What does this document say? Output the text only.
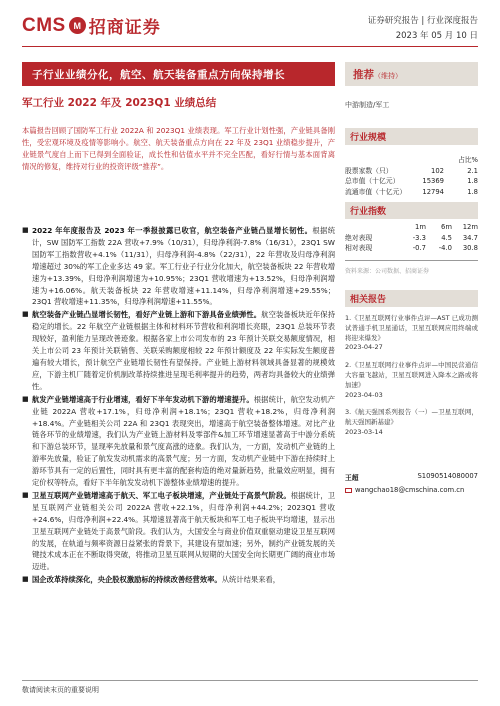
CMS M 招商证券	证券研究报告 | 行业深度报告
2023 年 05 月 10 日
子行业业绩分化，航空、航天装备重点方向保持增长
军工行业 2022 年及 2023Q1 业绩总结
推荐（维持）
中游制造/军工
本篇报告回顾了国防军工行业 2022A 和 2023Q1 业绩表现。军工行业计划性强，产业链具备刚性，受宏观环境及疫情等影响小。航空、航天装备重点方向在 22 年及 23Q1 业绩稳步提升，产业链景气度自上而下已得到全面验证，成长性和估值水平并不完全匹配，看好行情与基本面背离情况的修复，维持对行业的投资评级“推荐”。
■ 2022 年年度报告及 2023 年一季报披露已收官，航空装备产业链凸显增长韧性。根据统计，SW 国防军工指数 22A 营收+7.9%（10/31），归母净利润-7.8%（16/31），23Q1 SW 国防军工指数营收+4.1%（11/31），归母净利润-4.8%（22/31），22 年营收及归母净利润增速超过 30%的军工企业多达 49 家。军工行业子行业分化加大，航空装备板块 22 年营收增速为+13.39%，归母净利润增速为+10.95%；23Q1 营收增速为+13.52%，归母净利润增速为+16.06%。航天装备板块 22 年营收增速+11.14%，归母净利润增速+29.55%；23Q1 营收增速+11.35%，归母净利润增速+11.55%。
■ 航空装备产业链凸显增长韧性，看好产业链上游和下游具备业绩弹性。航空装备板块近年保持稳定的增长。22 年航空产业链根据主体和材料环节营收和利润增长亮眼，23Q1 总装环节表现较好，盈利能力呈现改善迹象。根据各家上市公司发布的 23 年预计关联交易额度情况，相关上市公司 23 年预计关联销售、关联采购额度相较 22 年预计额度及 22 年实际发生额度普遍有较大增长，预计航空产业链增长韧性有望保持。产业链上游材料领域具备显著的规模效应，下游主机厂随着定价机制改革持续推进呈现毛利率提升的趋势，两者均具备较大的业绩弹性。
■ 航发产业链增速高于行业增速，看好下半年发动机下游的增速提升。根据统计，航空发动机产业链 2022A 营收+17.1%，归母净利润+18.1%；23Q1 营收+18.2%，归母净利润+18.4%。产业链相关公司 22A 和 23Q1 表现突出，增速高于航空装备整体增速。对比产业链各环节的业绩增速，我们认为产业链上游材料及零部件&加工环节增速显著高于中游分系统和下游总装环节，显现率先放量和景气度高涨的迹象。我们认为，一方面，发动机产业链的上游率先放量，验证了航发发动机需求的高景气度；另一方面，发动机产业链中下游在持续时上游环节具有一定的后置性，同时具有更丰富的配套构造的绝对量新趋势，批量效应明显，拥有定价权等特点，看好下半年航发发动机下游整体业绩增速的提升。
■ 卫星互联网产业链增速高于航天、军工电子板块增速，产业链处于高景气阶段。根据统计，卫星互联网产业链相关公司 2022A 营收+22.1%，归母净利润+44.2%；2023Q1 营收+24.6%，归母净利润+22.4%。其增速显著高于航天板块和军工电子板块平均增速，显示出卫星互联网产业链处于高景气阶段。我们认为，大国安全与商业价值双重驱动建设卫星互联网的发展，在轨道与频率资源日益紧张的背景下，其建设有望加速；另外，制约产业链发展的关键技术成本正在不断取得突破，将推动卫星互联网从短期的大国安全向长期更广阔的商业市场迈进。
■ 国企改革持续深化，央企股权激励标的持续改善经营效率。从统计结果来看，
行业规模
占比%
股票家数（只）	102	2.1
总市值（十亿元）	15369	1.8
流通市值（十亿元）	12794	1.8
行业指数
1m	6m	12m
绝对表现	-3.3	4.5	34.7
相对表现	-0.7	-4.0	30.8
资料来源：公司数据、招商证券
相关报告
1.《卫星互联网行业事件点评—AST 已成功测试普通手机卫星通话，卫星互联网应用终端或将迎来爆发》
2023-04-27
2.《卫星互联网行业事件点评—中国民营通信大容量飞越站，卫星互联网进入降本之路或将加速》
2023-04-03
3.《航天强国系列报告（一）—卫星互联网，航天强国新基建》
2023-03-14
王超	S1090514080007
wangchao18@cmschina.com.cn
敬请阅读末页的重要说明
